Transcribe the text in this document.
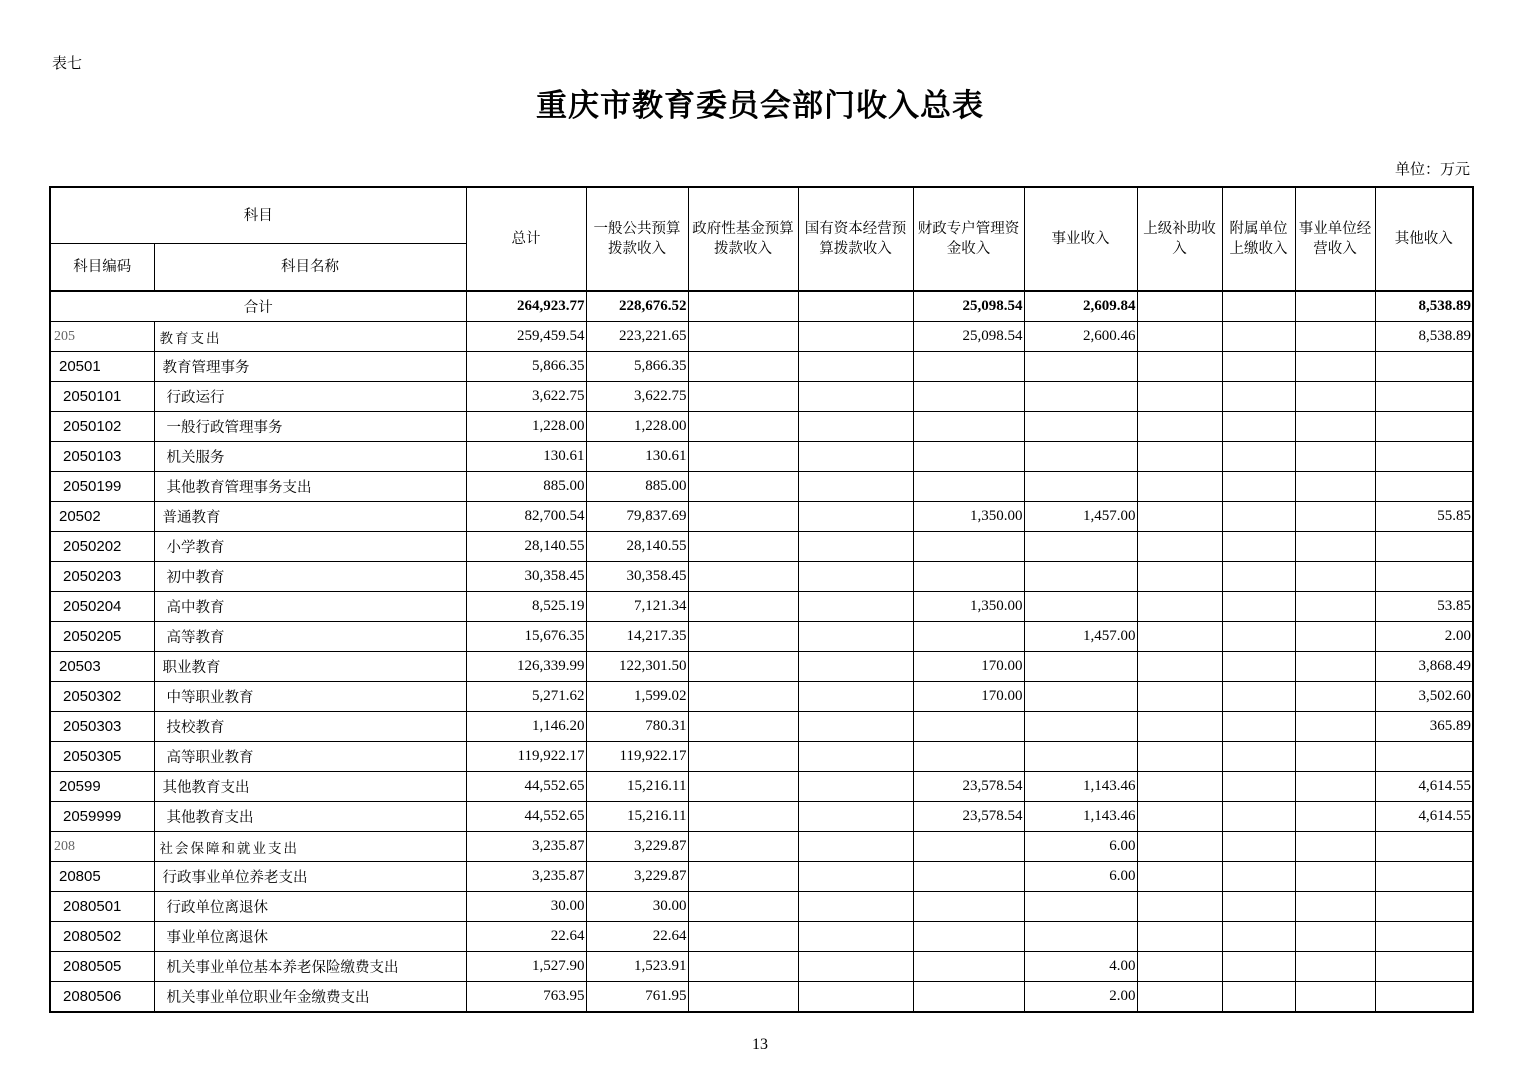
表七
重庆市教育委员会部门收入总表
单位：万元
科目		总计	一般公共预算拨款收入	政府性基金预算拨款收入	国有资本经营预算拨款收入	财政专户管理资金收入	事业收入	上级补助收入	附属单位上缴收入	事业单位经营收入	其他收入
科目编码	科目名称										
合计		264,923.77	228,676.52			25,098.54	2,609.84				8,538.89
205	教育支出	259,459.54	223,221.65			25,098.54	2,600.46				8,538.89
20501	教育管理事务	5,866.35	5,866.35								
2050101	行政运行	3,622.75	3,622.75								
2050102	一般行政管理事务	1,228.00	1,228.00								
2050103	机关服务	130.61	130.61								
2050199	其他教育管理事务支出	885.00	885.00								
20502	普通教育	82,700.54	79,837.69			1,350.00	1,457.00				55.85
2050202	小学教育	28,140.55	28,140.55								
2050203	初中教育	30,358.45	30,358.45								
2050204	高中教育	8,525.19	7,121.34			1,350.00					53.85
2050205	高等教育	15,676.35	14,217.35				1,457.00				2.00
20503	职业教育	126,339.99	122,301.50			170.00					3,868.49
2050302	中等职业教育	5,271.62	1,599.02			170.00					3,502.60
2050303	技校教育	1,146.20	780.31								365.89
2050305	高等职业教育	119,922.17	119,922.17								
20599	其他教育支出	44,552.65	15,216.11			23,578.54	1,143.46				4,614.55
2059999	其他教育支出	44,552.65	15,216.11			23,578.54	1,143.46				4,614.55
208	社会保障和就业支出	3,235.87	3,229.87				6.00				
20805	行政事业单位养老支出	3,235.87	3,229.87				6.00				
2080501	行政单位离退休	30.00	30.00								
2080502	事业单位离退休	22.64	22.64								
2080505	机关事业单位基本养老保险缴费支出	1,527.90	1,523.91				4.00				
2080506	机关事业单位职业年金缴费支出	763.95	761.95				2.00				
13
